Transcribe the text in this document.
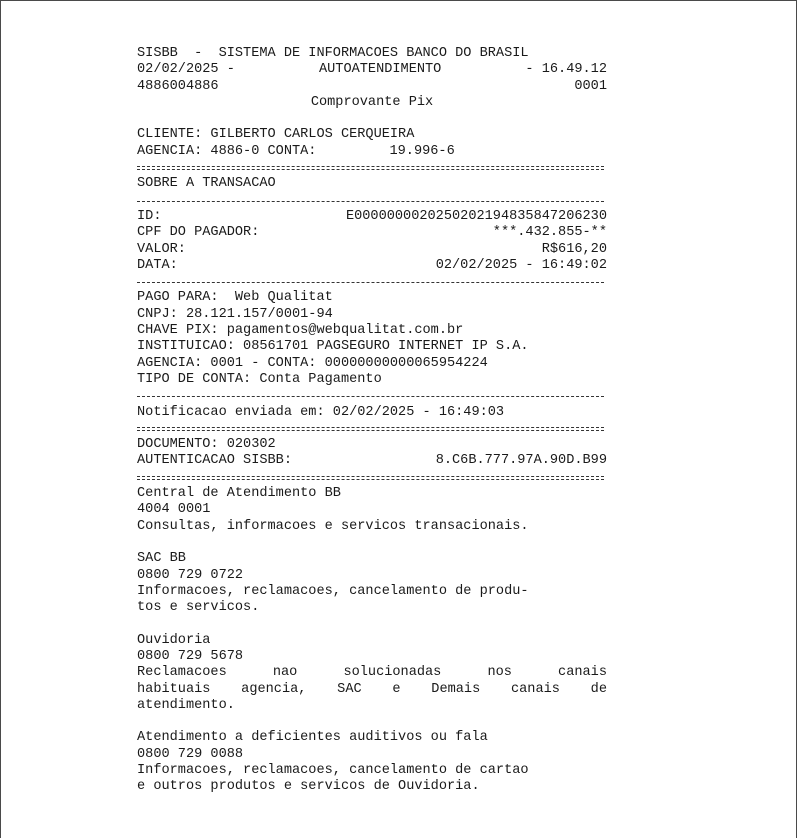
SISBB  -  SISTEMA DE INFORMACOES BANCO DO BRASIL
02/02/2025 -	AUTOATENDIMENTO	- 16.49.12
4886004886	0001
Comprovante Pix
CLIENTE: GILBERTO CARLOS CERQUEIRA
AGENCIA: 4886-0 CONTA:	19.996-6
SOBRE A TRANSACAO
ID:	E0000000020250202194835847206230
CPF DO PAGADOR:	***.432.855-**
VALOR:	R$616,20
DATA:	02/02/2025 - 16:49:02
PAGO PARA:  Web Qualitat
CNPJ: 28.121.157/0001-94
CHAVE PIX: pagamentos@webqualitat.com.br
INSTITUICAO: 08561701 PAGSEGURO INTERNET IP S.A.
AGENCIA: 0001 - CONTA: 00000000000065954224
TIPO DE CONTA: Conta Pagamento
Notificacao enviada em: 02/02/2025 - 16:49:03
DOCUMENTO: 020302
AUTENTICACAO SISBB:	8.C6B.777.97A.90D.B99
Central de Atendimento BB
4004 0001
Consultas, informacoes e servicos transacionais.
SAC BB
0800 729 0722
Informacoes, reclamacoes, cancelamento de produ-
tos e servicos.
Ouvidoria
0800 729 5678
Reclamacoes nao solucionadas nos canais
habituais agencia, SAC e Demais canais de
atendimento.
Atendimento a deficientes auditivos ou fala
0800 729 0088
Informacoes, reclamacoes, cancelamento de cartao
e outros produtos e servicos de Ouvidoria.
